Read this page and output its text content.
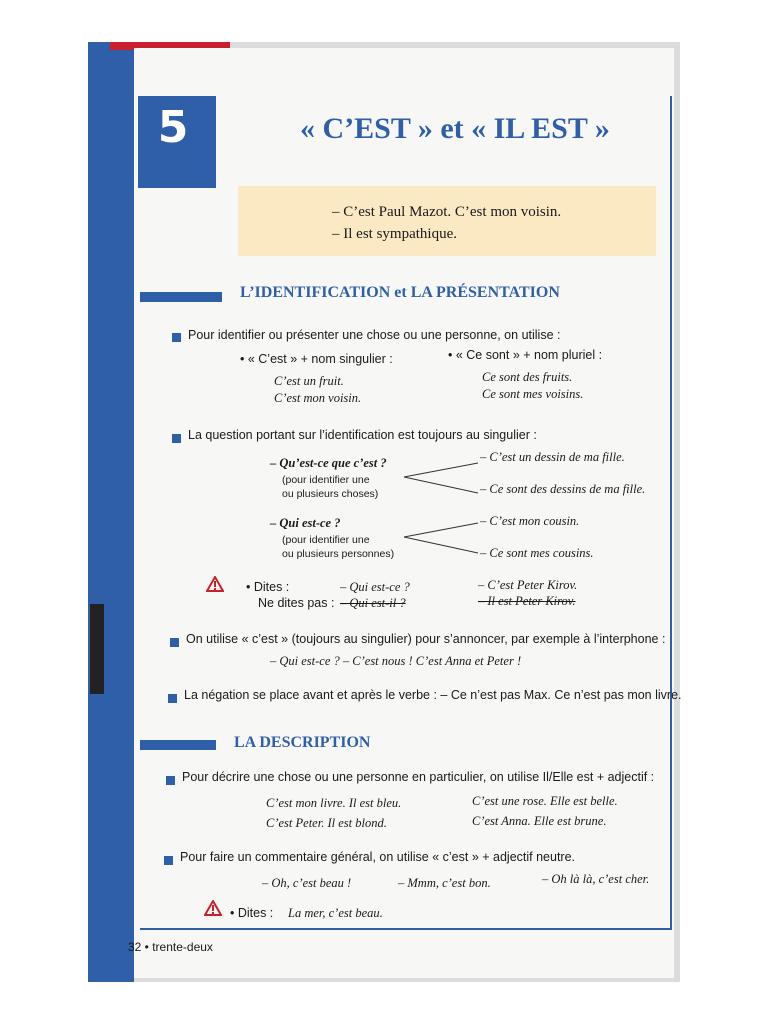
5	« C’EST » et « IL EST »
– C’est Paul Mazot. C’est mon voisin.
– Il est sympathique.
L’IDENTIFICATION et LA PRÉSENTATION
Pour identifier ou présenter une chose ou une personne, on utilise :
• « C’est » + nom singulier :
C’est un fruit.
C’est mon voisin.
• « Ce sont » + nom pluriel :
Ce sont des fruits.
Ce sont mes voisins.
La question portant sur l’identification est toujours au singulier :
– Qu’est-ce que c’est ?
(pour identifier une
ou plusieurs choses)
– C’est un dessin de ma fille.
– Ce sont des dessins de ma fille.
– Qui est-ce ?
(pour identifier une
ou plusieurs personnes)
– C’est mon cousin.
– Ce sont mes cousins.
• Dites :	– Qui est-ce ?	– C’est Peter Kirov.
Ne dites pas : – Qui est-il ?	– Il est Peter Kirov.
On utilise « c’est » (toujours au singulier) pour s’annoncer, par exemple à l’interphone :
– Qui est-ce ? – C’est nous ! C’est Anna et Peter !
La négation se place avant et après le verbe : – Ce n’est pas Max. Ce n’est pas mon livre.
LA DESCRIPTION
Pour décrire une chose ou une personne en particulier, on utilise Il/Elle est + adjectif :
C’est mon livre. Il est bleu.	C’est une rose. Elle est belle.
C’est Peter. Il est blond.	C’est Anna. Elle est brune.
Pour faire un commentaire général, on utilise « c’est » + adjectif neutre.
– Oh, c’est beau !	– Mmm, c’est bon.	– Oh là là, c’est cher.
• Dites : La mer, c’est beau.
32 • trente-deux
